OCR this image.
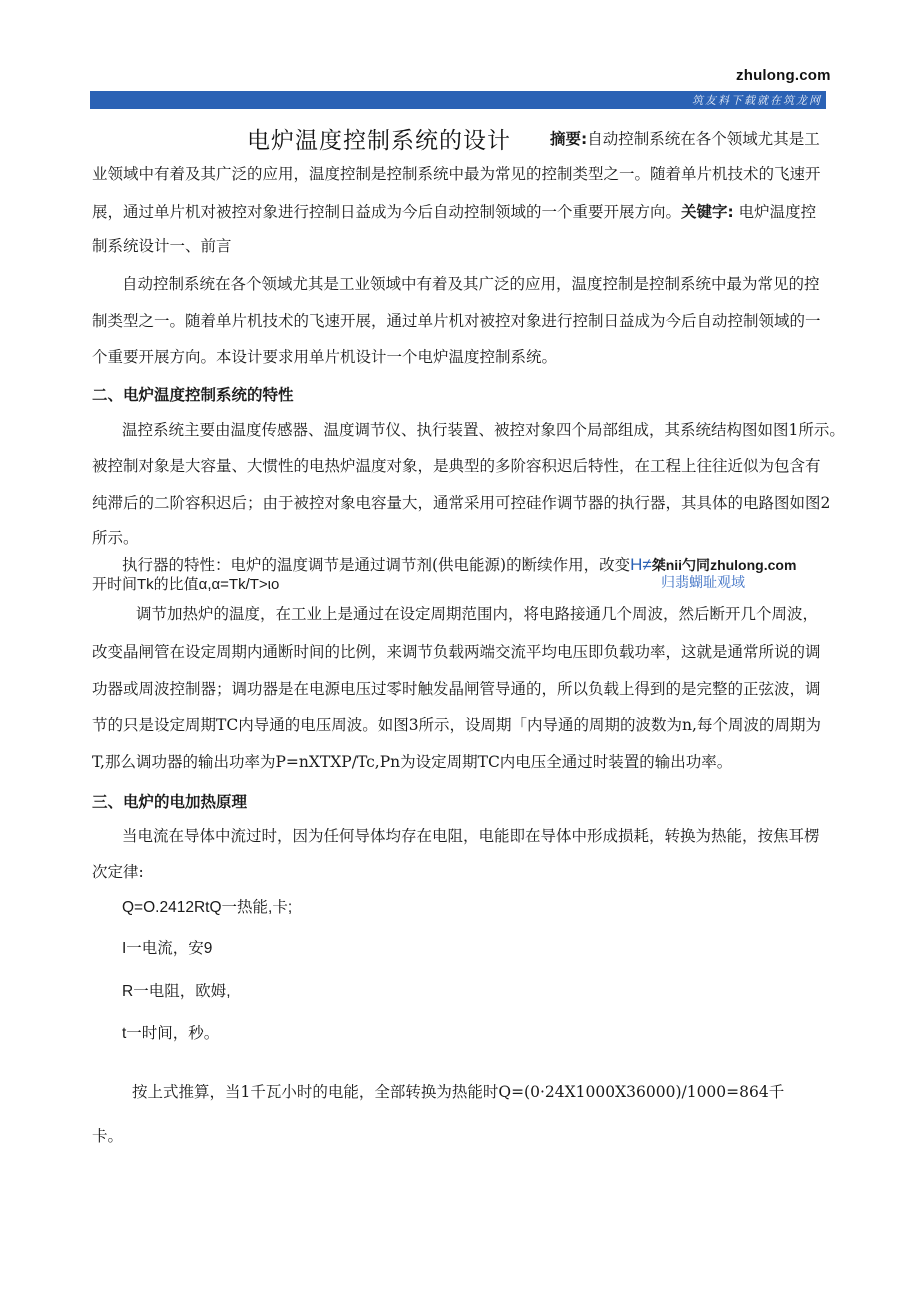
zhulong.com
筑友料下载就在筑龙网
电炉温度控制系统的设计	摘要:自动控制系统在各个领域尤其是工
业领域中有着及其广泛的应用，温度控制是控制系统中最为常见的控制类型之一。随着单片机技术的飞速开
展，通过单片机对被控对象进行控制日益成为今后自动控制领域的一个重要开展方向。关键字: 电炉温度控
制系统设计一、前言
自动控制系统在各个领域尤其是工业领域中有着及其广泛的应用，温度控制是控制系统中最为常见的控
制类型之一。随着单片机技术的飞速开展，通过单片机对被控对象进行控制日益成为今后自动控制领域的一
个重要开展方向。本设计要求用单片机设计一个电炉温度控制系统。
二、电炉温度控制系统的特性
温控系统主要由温度传感器、温度调节仪、执行装置、被控对象四个局部组成，其系统结构图如图1所示。
被控制对象是大容量、大惯性的电热炉温度对象，是典型的多阶容积迟后特性，在工程上往往近似为包含有
纯滞后的二阶容积迟后；由于被控对象电容量大，通常采用可控硅作调节器的执行器，其具体的电路图如图2
所示。
执行器的特性：电炉的温度调节是通过调节剂(供电能源)的断续作用，改变H≠桀nii勺同zhulong.com
开时间Tk的比值α,α=Tk/T>ιo	归翡蝴耻观域
调节加热炉的温度，在工业上是通过在设定周期范围内，将电路接通几个周波，然后断开几个周波，
改变晶闸管在设定周期内通断时间的比例，来调节负载两端交流平均电压即负载功率，这就是通常所说的调
功器或周波控制器；调功器是在电源电压过零时触发晶闸管导通的，所以负载上得到的是完整的正弦波，调
节的只是设定周期TC内导通的电压周波。如图3所示，设周期「内导通的周期的波数为n,每个周波的周期为
T,那么调功器的输出功率为P=nXTXP/Tc,Pn为设定周期TC内电压全通过时装置的输出功率。
三、电炉的电加热原理
当电流在导体中流过时，因为任何导体均存在电阻，电能即在导体中形成损耗，转换为热能，按焦耳楞
次定律:
Q=O.2412RtQ一热能,卡;
I一电流，安9
R一电阻，欧姆,
t一时间，秒。
按上式推算，当1千瓦小时的电能，全部转换为热能时Q=(0·24X1000X36000)/1000=864千
卡。
